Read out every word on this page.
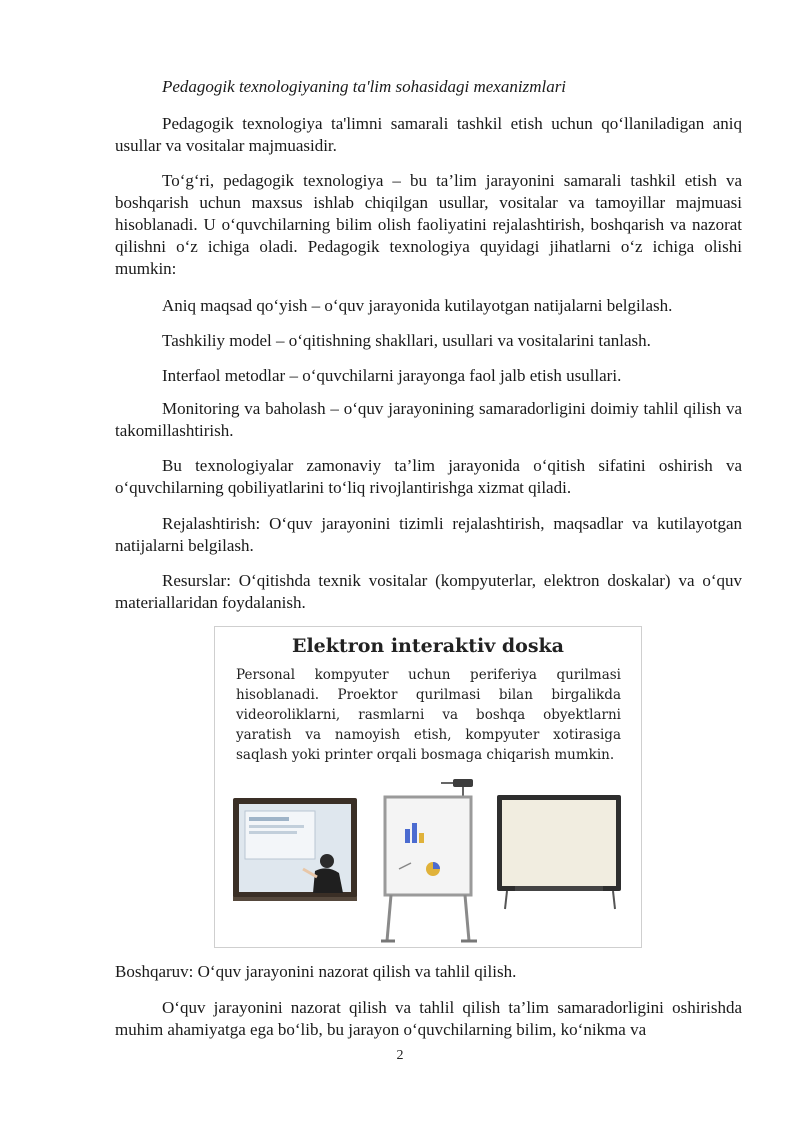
Pedagogik texnologiyaning ta'lim sohasidagi mexanizmlari

Pedagogik texnologiya ta'limni samarali tashkil etish uchun qo‘llaniladigan aniq usullar va vositalar majmuasidir.

To‘g‘ri, pedagogik texnologiya – bu ta’lim jarayonini samarali tashkil etish va boshqarish uchun maxsus ishlab chiqilgan usullar, vositalar va tamoyillar majmuasi hisoblanadi. U o‘quvchilarning bilim olish faoliyatini rejalashtirish, boshqarish va nazorat qilishni o‘z ichiga oladi. Pedagogik texnologiya quyidagi jihatlarni o‘z ichiga olishi mumkin:

Aniq maqsad qo‘yish – o‘quv jarayonida kutilayotgan natijalarni belgilash.

Tashkiliy model – o‘qitishning shakllari, usullari va vositalarini tanlash.

Interfaol metodlar – o‘quvchilarni jarayonga faol jalb etish usullari.

Monitoring va baholash – o‘quv jarayonining samaradorligini doimiy tahlil qilish va takomillashtirish.

Bu texnologiyalar zamonaviy ta’lim jarayonida o‘qitish sifatini oshirish va o‘quvchilarning qobiliyatlarini to‘liq rivojlantirishga xizmat qiladi.

Rejalashtirish: O‘quv jarayonini tizimli rejalashtirish, maqsadlar va kutilayotgan natijalarni belgilash.

Resurslar: O‘qitishda texnik vositalar (kompyuterlar, elektron doskalar) va o‘quv materiallaridan foydalanish.

Elektron interaktiv doska

Personal kompyuter uchun periferiya qurilmasi hisoblanadi. Proektor qurilmasi bilan birgalikda videoroliklarni, rasmlarni va boshqa obyektlarni yaratish va namoyish etish, kompyuter xotirasiga saqlash yoki printer orqali bosmaga chiqarish mumkin.

Boshqaruv: O‘quv jarayonini nazorat qilish va tahlil qilish.

O‘quv jarayonini nazorat qilish va tahlil qilish ta’lim samaradorligini oshirishda muhim ahamiyatga ega bo‘lib, bu jarayon o‘quvchilarning bilim, ko‘nikma va

2
